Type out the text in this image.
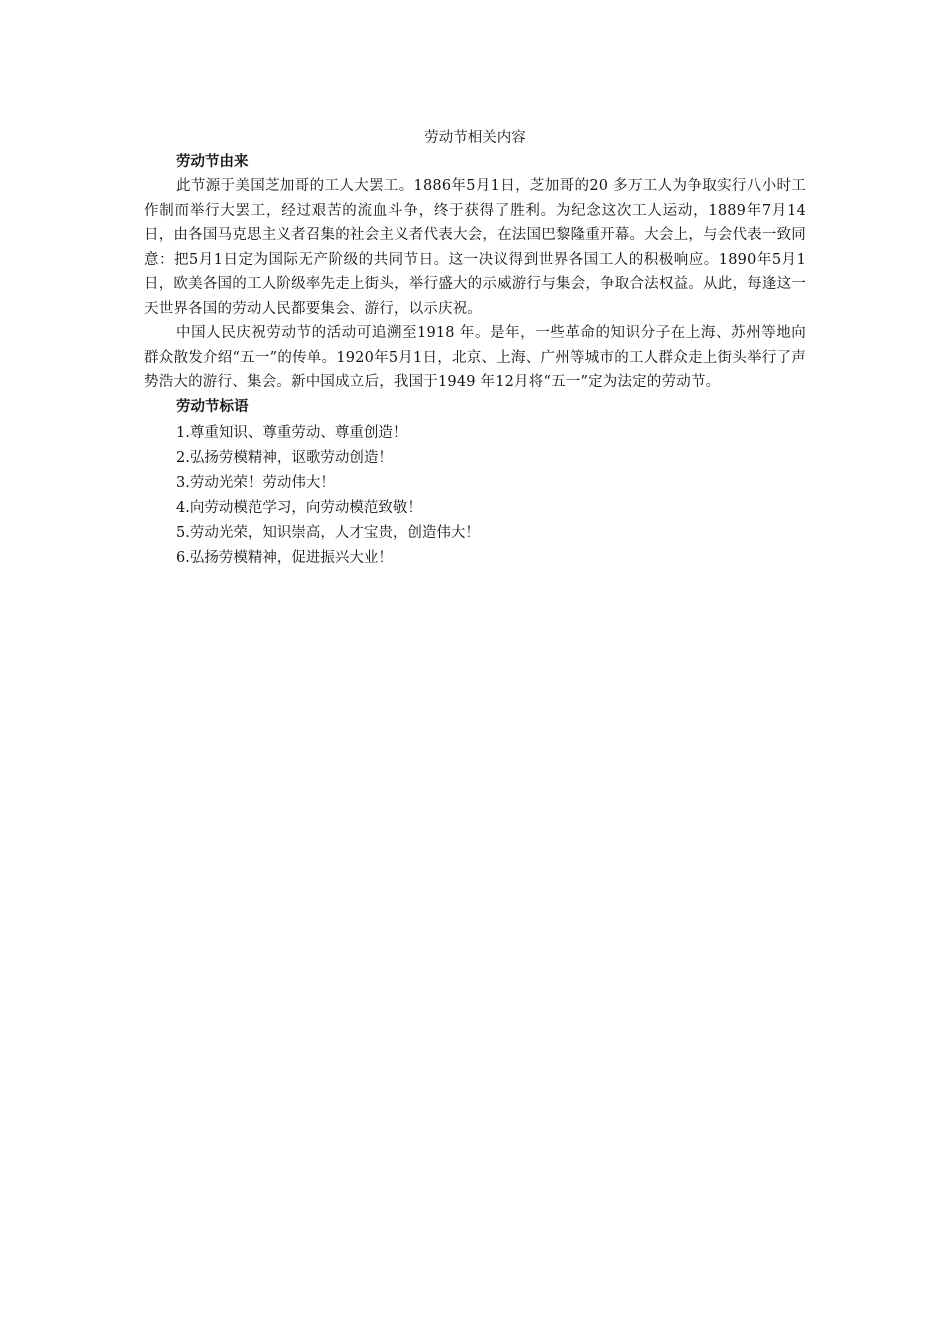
劳动节相关内容
劳动节由来

此节源于美国芝加哥的工人大罢工。1886年5月1日，芝加哥的20 多万工人为争取实行八小时工作制而举行大罢工，经过艰苦的流血斗争，终于获得了胜利。为纪念这次工人运动，1889年7月14日，由各国马克思主义者召集的社会主义者代表大会，在法国巴黎隆重开幕。大会上，与会代表一致同意：把5月1日定为国际无产阶级的共同节日。这一决议得到世界各国工人的积极响应。1890年5月1日，欧美各国的工人阶级率先走上街头，举行盛大的示威游行与集会，争取合法权益。从此，每逢这一天世界各国的劳动人民都要集会、游行，以示庆祝。

中国人民庆祝劳动节的活动可追溯至1918 年。是年，一些革命的知识分子在上海、苏州等地向群众散发介绍“五一”的传单。1920年5月1日，北京、上海、广州等城市的工人群众走上街头举行了声势浩大的游行、集会。新中国成立后，我国于1949 年12月将“五一”定为法定的劳动节。

劳动节标语
1.尊重知识、尊重劳动、尊重创造！
2.弘扬劳模精神，讴歌劳动创造！
3.劳动光荣！劳动伟大！
4.向劳动模范学习，向劳动模范致敬！
5.劳动光荣，知识崇高，人才宝贵，创造伟大！
6.弘扬劳模精神，促进振兴大业！
